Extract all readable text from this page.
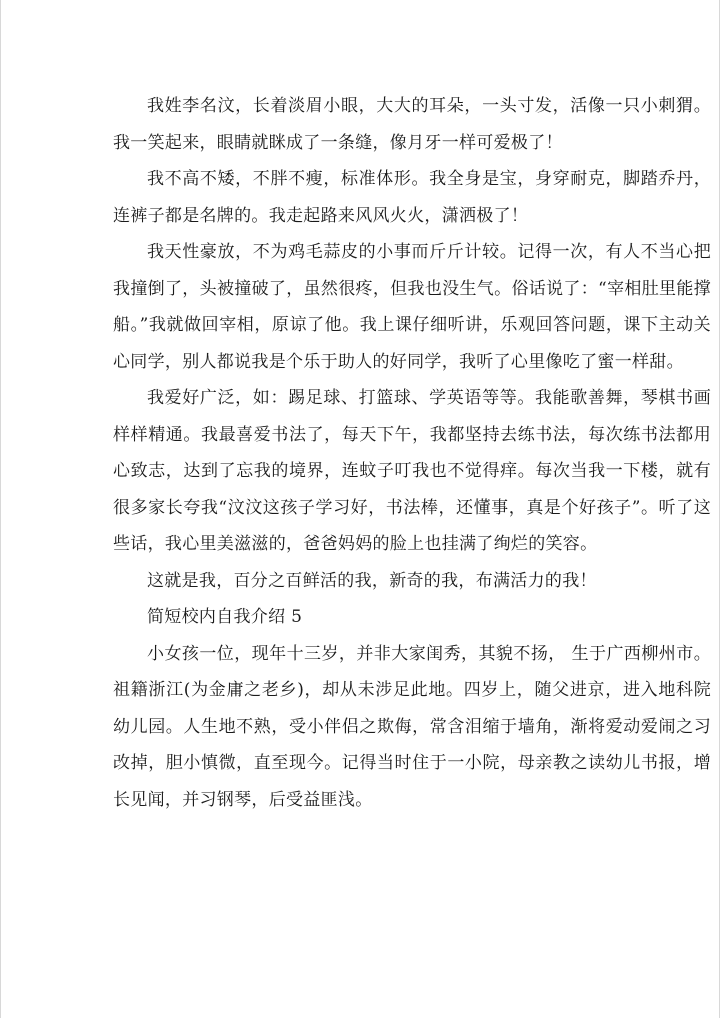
我姓李名汶，长着淡眉小眼，大大的耳朵，一头寸发，活像一只小刺猬。我一笑起来，眼睛就眯成了一条缝，像月牙一样可爱极了！

我不高不矮，不胖不瘦，标准体形。我全身是宝，身穿耐克，脚踏乔丹，连裤子都是名牌的。我走起路来风风火火，潇洒极了！

我天性豪放，不为鸡毛蒜皮的小事而斤斤计较。记得一次，有人不当心把我撞倒了，头被撞破了，虽然很疼，但我也没生气。俗话说了：“宰相肚里能撑船。”我就做回宰相，原谅了他。我上课仔细听讲，乐观回答问题，课下主动关心同学，别人都说我是个乐于助人的好同学，我听了心里像吃了蜜一样甜。

我爱好广泛，如：踢足球、打篮球、学英语等等。我能歌善舞，琴棋书画样样精通。我最喜爱书法了，每天下午，我都坚持去练书法，每次练书法都用心致志，达到了忘我的境界，连蚊子叮我也不觉得痒。每次当我一下楼，就有很多家长夸我“汶汶这孩子学习好，书法棒，还懂事，真是个好孩子”。听了这些话，我心里美滋滋的，爸爸妈妈的脸上也挂满了绚烂的笑容。

这就是我，百分之百鲜活的我，新奇的我，布满活力的我！

简短校内自我介绍 5

小女孩一位，现年十三岁，并非大家闺秀，其貌不扬， 生于广西柳州市。祖籍浙江(为金庸之老乡)，却从未涉足此地。四岁上，随父进京，进入地科院幼儿园。人生地不熟，受小伴侣之欺侮，常含泪缩于墙角，渐将爱动爱闹之习改掉，胆小慎微，直至现今。记得当时住于一小院，母亲教之读幼儿书报，增长见闻，并习钢琴，后受益匪浅。
